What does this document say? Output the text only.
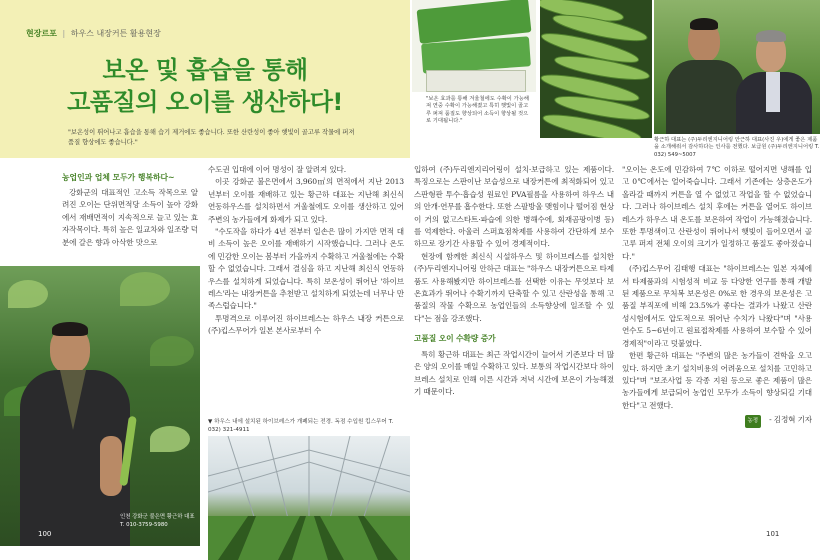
현장르포 | 하우스 내장커튼 활용현장
보온 및 흡습을 통해
고품질의 오이를 생산하다!
"보온성이 뛰어나고 흡습을 통해 습기 제거에도 좋습니다. 또한 산란성이 좋아 햇빛이 골고루 작물에 퍼져 품질 향상에도 좋습니다."
농업인과 업체 모두가 행복하다~
강화군의 대표적인 고소득 작목으로 알려진 오이는 단위면적당 소득이 높아 강화에서 재배면적이 지속적으로 늘고 있는 효자작목이다. 특히 높은 일교차와 일조량 덕분에 갈은 향과 아삭한 맛으로
인천 강화군 불은면 황근하 대표 T. 010-3759-5980
100
수도권 입대에 이어 명성이 잘 알려져 있다.
이곳 강화군 불은면에서 3,960㎡의 면적에서 지난 2013년부터 오이를 재배하고 있는 황근하 대표는 지난해 최신식 연동하우스를 설치하면서 겨울철에도 오이를 생산하고 있어 주변의 농가들에게 화제가 되고 있다.
"수도작을 하다가 4년 전부터 일손은 많이 가지만 면적 대비 소득이 높은 오이를 재배하기 시작했습니다. 그러나 온도에 민감한 오이는 봄부터 가을까지 수확하고 겨울철에는 수확할 수 없었습니다. 그래서 결심을 하고 지난해 최신식 연동하우스를 설치하게 되었습니다. 특히 보온성이 뛰어난 '하이브레스'라는 내장커튼을 추천받고 설치하게 되었는데 너무나 만족스럽습니다."
투명격으로 이루어진 하이브레스는 하우스 내장 커튼으로 (주)킵스무어가 일본 본사로부터 수
▼ 하우스 내에 설치된 하이브레스가 개폐되는 전경. 독점 수입원 킵스무어 T. 032) 321-4911
"보온 효과를 통해 겨울철에도 수확이 가능해져 연중 수확이 가능해졌고 특히 햇빛이 골고루 퍼져 품질도 향상되어 소득이 향상될 것으로 기대됩니다."
황근하 대표는 (주)두리엔지니어링 안근하 대표(사진 우)에게 좋은 제품을 소개해줘서 감사하다는 인사를 전했다. 보급원 (주)두리엔지니어링 T. 032) 549~5007
입하여 (주)두리엔지리어링이 설치·보급하고 있는 제품이다. 특징으로는 스판이난 보습성으로 내장커튼에 최적화되어 있고 스판형판 투수·흡습성 원료인 PVA필름을 사용하여 하우스 내의 안개·연무를 흡수한다. 또한 스팔방울 맺힘이나 떨어짐 현상이 거의 없고스타트·파습에 의한 병해수에, 회재곰팡이병 등)를 억제한다. 아울러 스퍼효점착제를 사용하여 간단하게 보수하므로 장기간 사용할 수 있어 경제적이다.
현장에 함께한 최신식 시설하우스 및 하이브레스를 설치한 (주)두리엔지니어링 안하근 대표는 "하우스 내장커튼으로 타제품도 사용해봤지만 하이브레스를 선택한 이유는 무엇보다 보온효과가 뛰어나 수확기까지 단축할 수 있고 산란성을 통해 고품질의 작물 수확으로 농업인들의 소득향상에 일조할 수 있다"는 점을 강조했다.
고품질 오이 수확량 증가
특히 황근하 대표는 최근 작업시간이 늘어서 기존보다 더 많은 양의 오이를 매일 수확하고 있다. 보통의 작업시간보다 하이브레스 설치로 인해 이른 시간과 저녁 시간에 보온이 가능해졌기 때문이다.
"오이는 온도에 민감하여 7℃ 이하로 떨어지면 냉해를 입고 0℃에서는 얼어죽습니다. 그래서 기존에는 상층온도가 올라갈 때까지 커튼을 열 수 없었고 작업을 할 수 없었습니다. 그러나 하이브레스 설치 후에는 커튼을 열어도 하이브레스가 하우스 내 온도를 보온하여 작업이 가능해졌습니다. 또한 투명색이고 산란성이 뛰어나서 햇빛이 들어오면서 골고루 퍼져 전체 오이의 크기가 일정하고 품질도 좋아졌습니다."
(주)킵스무어 김태행 대표는 "하이브레스는 일본 자체에서 타제품과의 시험성적 비교 등 다양한 연구를 통해 개발된 제품으로 무처복 보온성은 0%로 한 경우의 보온성은 고품질 부직포에 비해 23.5%가 좋다는 결과가 나왔고 산란성시험에서도 압도적으로 뛰어난 수치가 나왔다"며 "사용연수도 5~6년이고 원료접착제를 사용하여 보수할 수 있어 경제적"이라고 덧붙였다.
한편 황근하 대표는 "주변의 많은 농가들이 견학을 오고 있다. 하지만 초기 설치비용의 어려움으로 설치를 고민하고 있다"며 "보조사업 등 각종 지원 등으로 좋은 제품이 많은 농가들에게 보급되어 농업인 모두가 소득이 향상되길 기대한다"고 전했다.
농정 - 김정혁 기자
101
